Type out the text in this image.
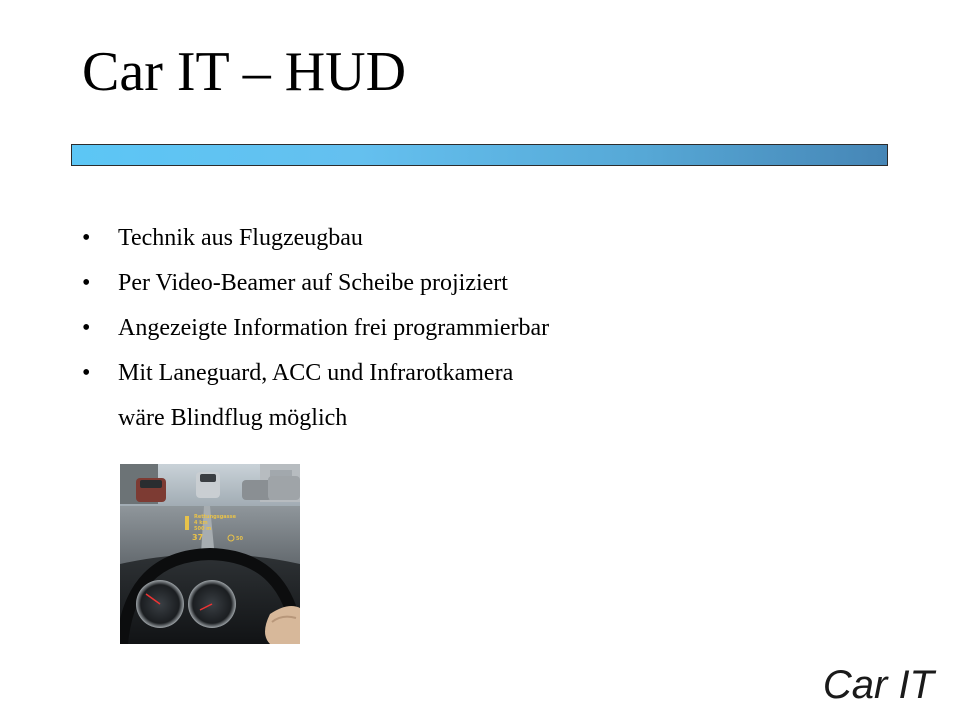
Car IT – HUD
• Technik aus Flugzeugbau
• Per Video-Beamer auf Scheibe projiziert
• Angezeigte Information frei programmierbar
• Mit Laneguard, ACC und Infrarotkamera
wäre Blindflug möglich
Rettungsgasse
4 km
500 m
37	50
Car IT
